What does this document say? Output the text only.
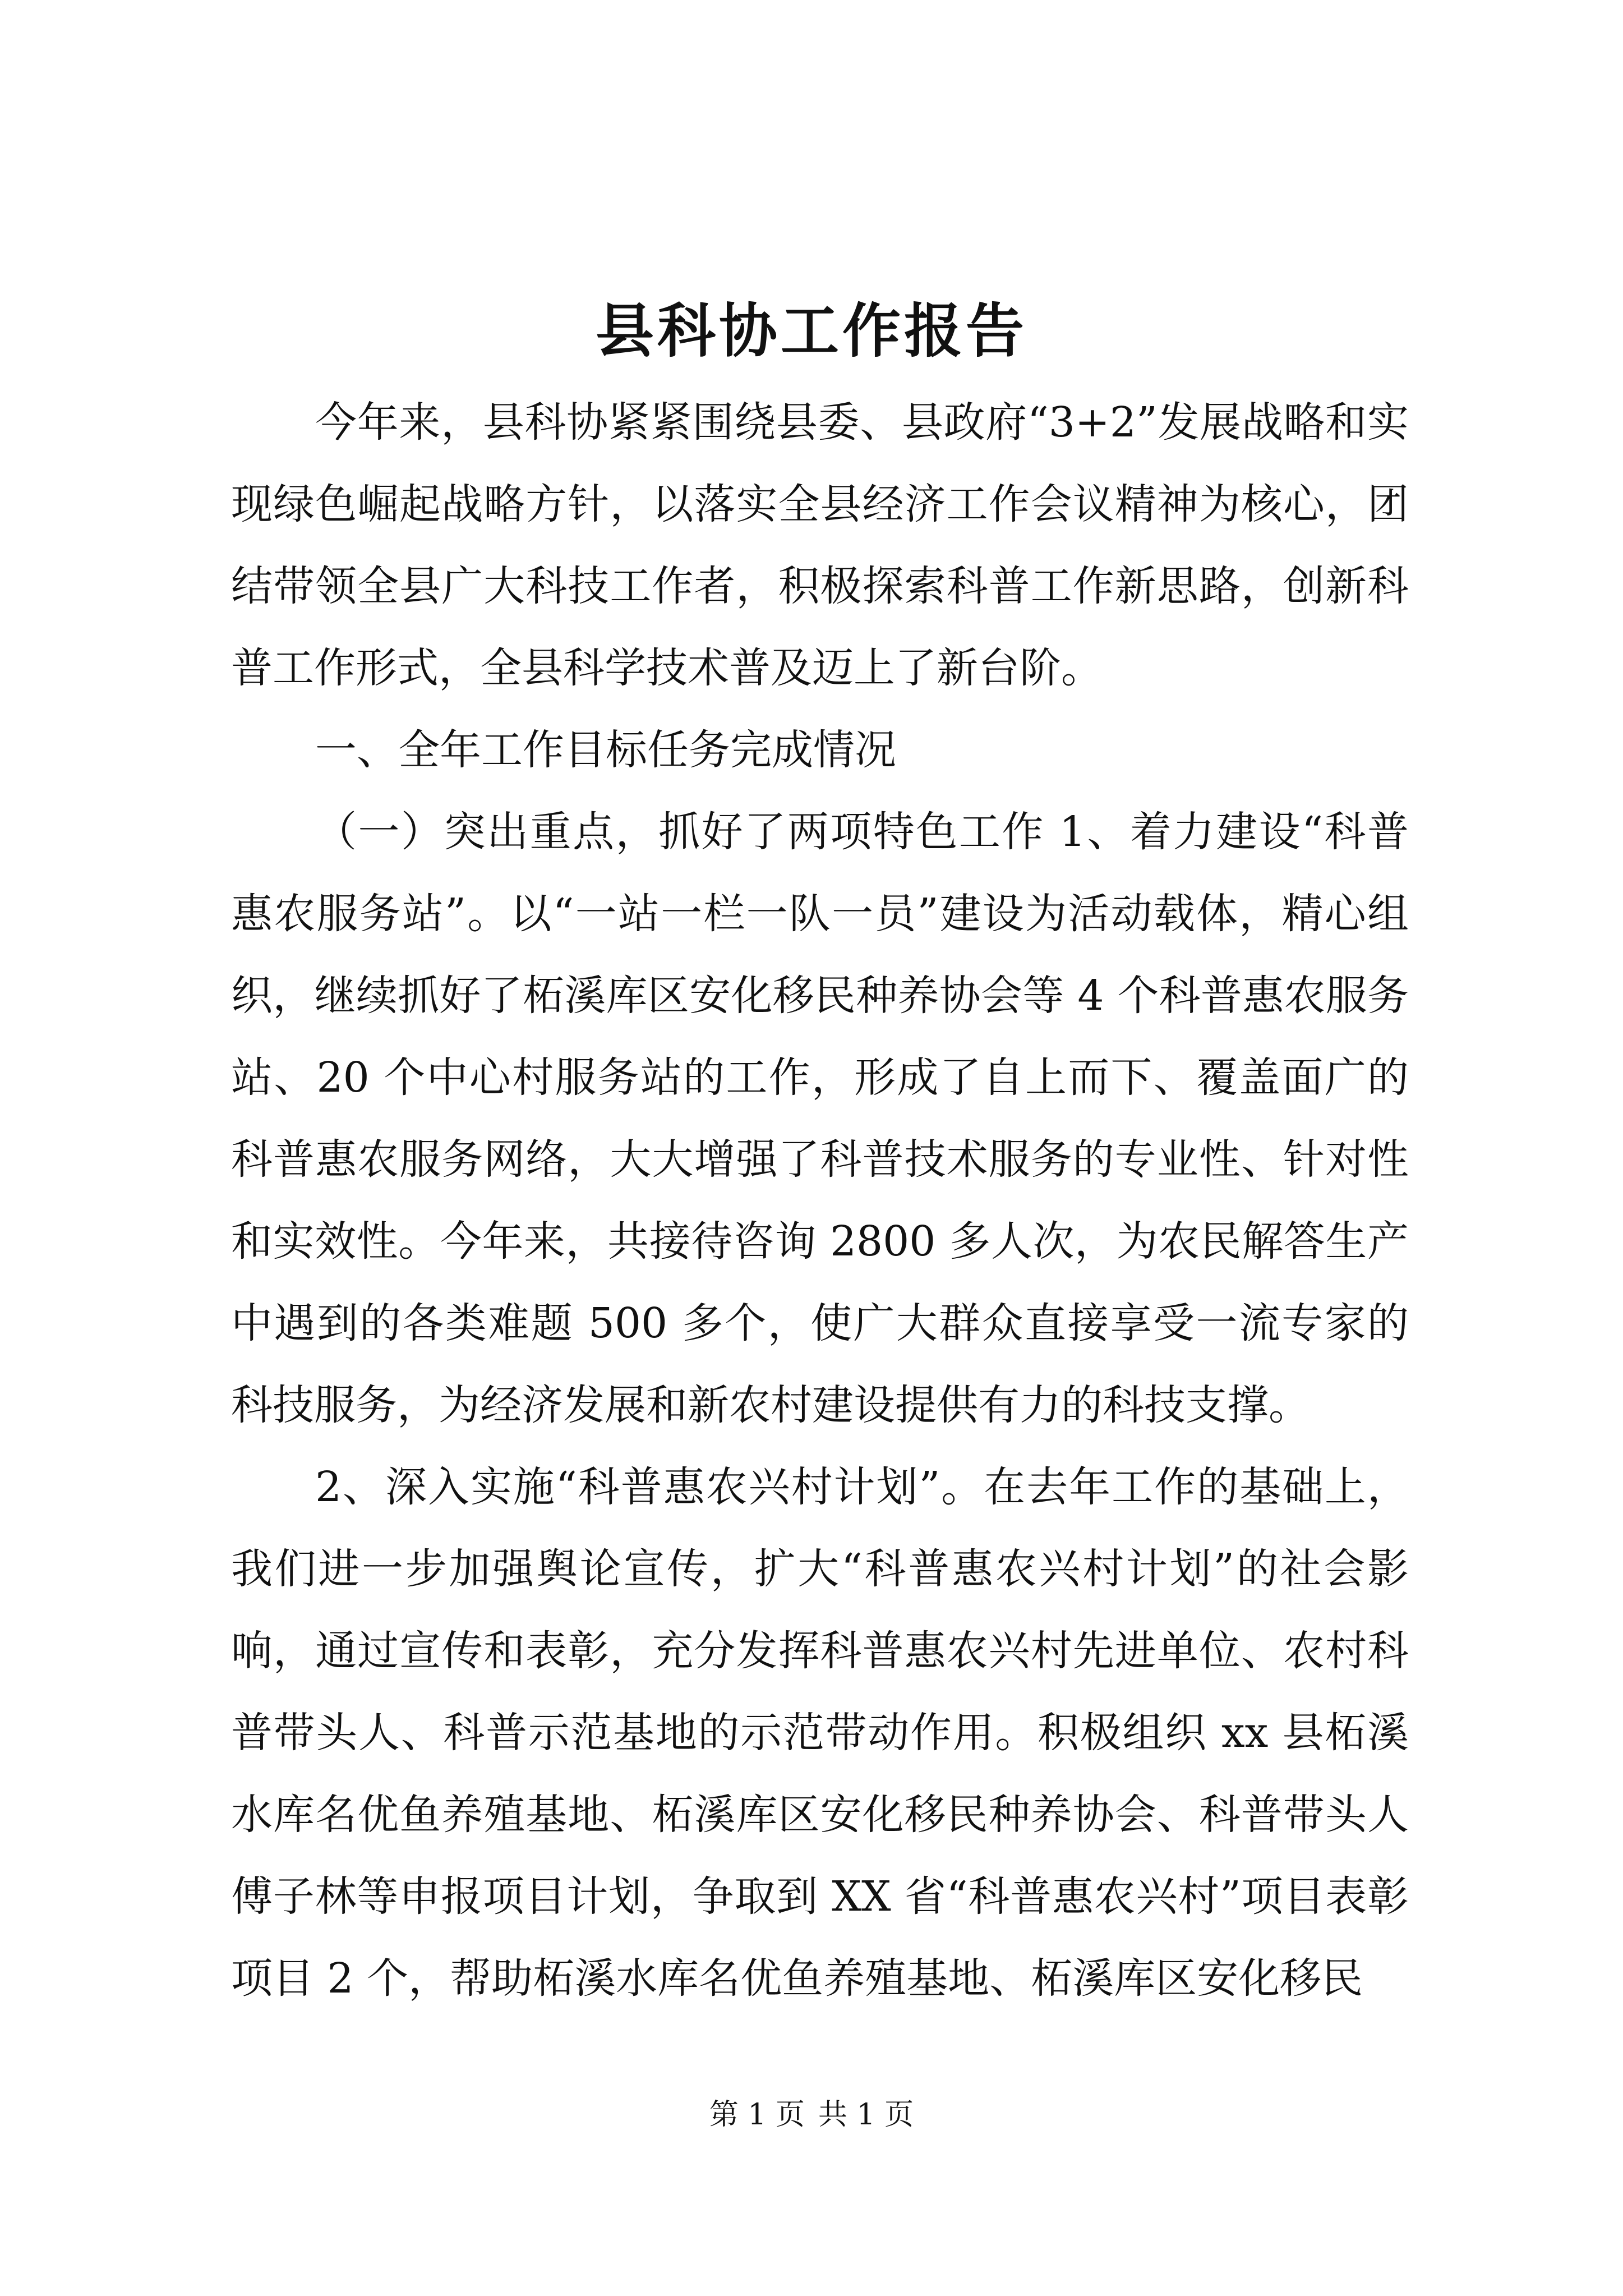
县科协工作报告

今年来，县科协紧紧围绕县委、县政府“3+2”发展战略和实现绿色崛起战略方针，以落实全县经济工作会议精神为核心，团结带领全县广大科技工作者，积极探索科普工作新思路，创新科普工作形式，全县科学技术普及迈上了新台阶。

一、全年工作目标任务完成情况

（一）突出重点，抓好了两项特色工作 1、着力建设“科普惠农服务站”。以“一站一栏一队一员”建设为活动载体，精心组织，继续抓好了柘溪库区安化移民种养协会等 4 个科普惠农服务站、20 个中心村服务站的工作，形成了自上而下、覆盖面广的科普惠农服务网络，大大增强了科普技术服务的专业性、针对性和实效性。今年来，共接待咨询 2800 多人次，为农民解答生产中遇到的各类难题 500 多个，使广大群众直接享受一流专家的科技服务，为经济发展和新农村建设提供有力的科技支撑。

2、深入实施“科普惠农兴村计划”。在去年工作的基础上，我们进一步加强舆论宣传，扩大“科普惠农兴村计划”的社会影响，通过宣传和表彰，充分发挥科普惠农兴村先进单位、农村科普带头人、科普示范基地的示范带动作用。积极组织 xx 县柘溪水库名优鱼养殖基地、柘溪库区安化移民种养协会、科普带头人傅子林等申报项目计划，争取到 XX 省“科普惠农兴村”项目表彰项目 2 个，帮助柘溪水库名优鱼养殖基地、柘溪库区安化移民

第 1 页 共 1 页
